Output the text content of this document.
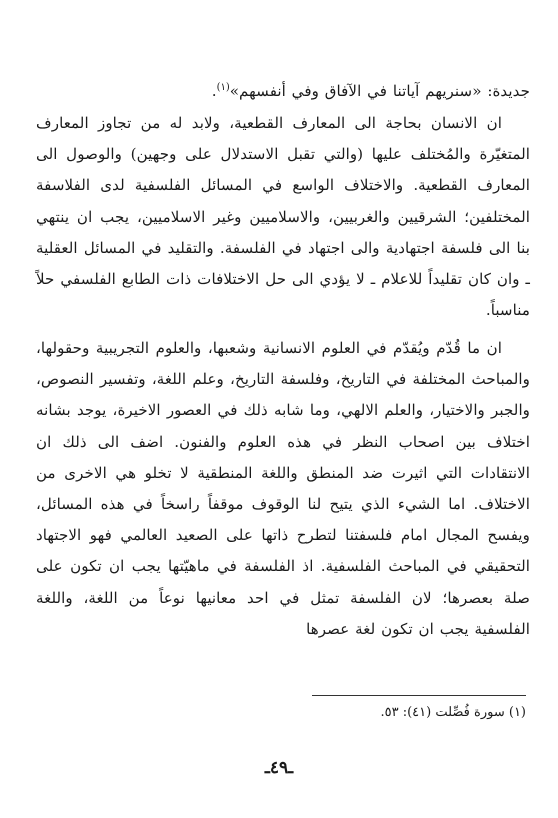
جديدة: «سنريهم آياتنا في الآفاق وفي أنفسهم»$^{(١)}$.

ان الانسان بحاجة الى المعارف القطعية، ولابد له من تجاوز المعارف المتغيّرة والمُختلف عليها (والتي تقبل الاستدلال على وجهين) والوصول الى المعارف القطعية. والاختلاف الواسع في المسائل الفلسفية لدى الفلاسفة المختلفين؛ الشرقيين والغربيين، والاسلاميين وغير الاسلاميين، يجب ان ينتهي بنا الى فلسفة اجتهادية والى اجتهاد في الفلسفة. والتقليد في المسائل العقلية ـ وان كان تقليداً للاعلام ـ لا يؤدي الى حل الاختلافات ذات الطابع الفلسفي حلاً مناسباً.

ان ما قُدّم ويُقدّم في العلوم الانسانية وشعبها، والعلوم التجريبية وحقولها، والمباحث المختلفة في التاريخ، وفلسفة التاريخ، وعلم اللغة، وتفسير النصوص، والجبر والاختيار، والعلم الالهي، وما شابه ذلك في العصور الاخيرة، يوجد بشانه اختلاف بين اصحاب النظر في هذه العلوم والفنون. اضف الى ذلك ان الانتقادات التي اثيرت ضد المنطق واللغة المنطقية لا تخلو هي الاخرى من الاختلاف. اما الشيء الذي يتيح لنا الوقوف موقفاً راسخاً في هذه المسائل، ويفسح المجال امام فلسفتنا لتطرح ذاتها على الصعيد العالمي فهو الاجتهاد التحقيقي في المباحث الفلسفية. اذ الفلسفة في ماهيّتها يجب ان تكون على صلة بعصرها؛ لان الفلسفة تمثل في احد معانيها نوعاً من اللغة، واللغة الفلسفية يجب ان تكون لغة عصرها

(١) سورة فُصِّلت (٤١): ٥٣.
ـ٤٩ـ
